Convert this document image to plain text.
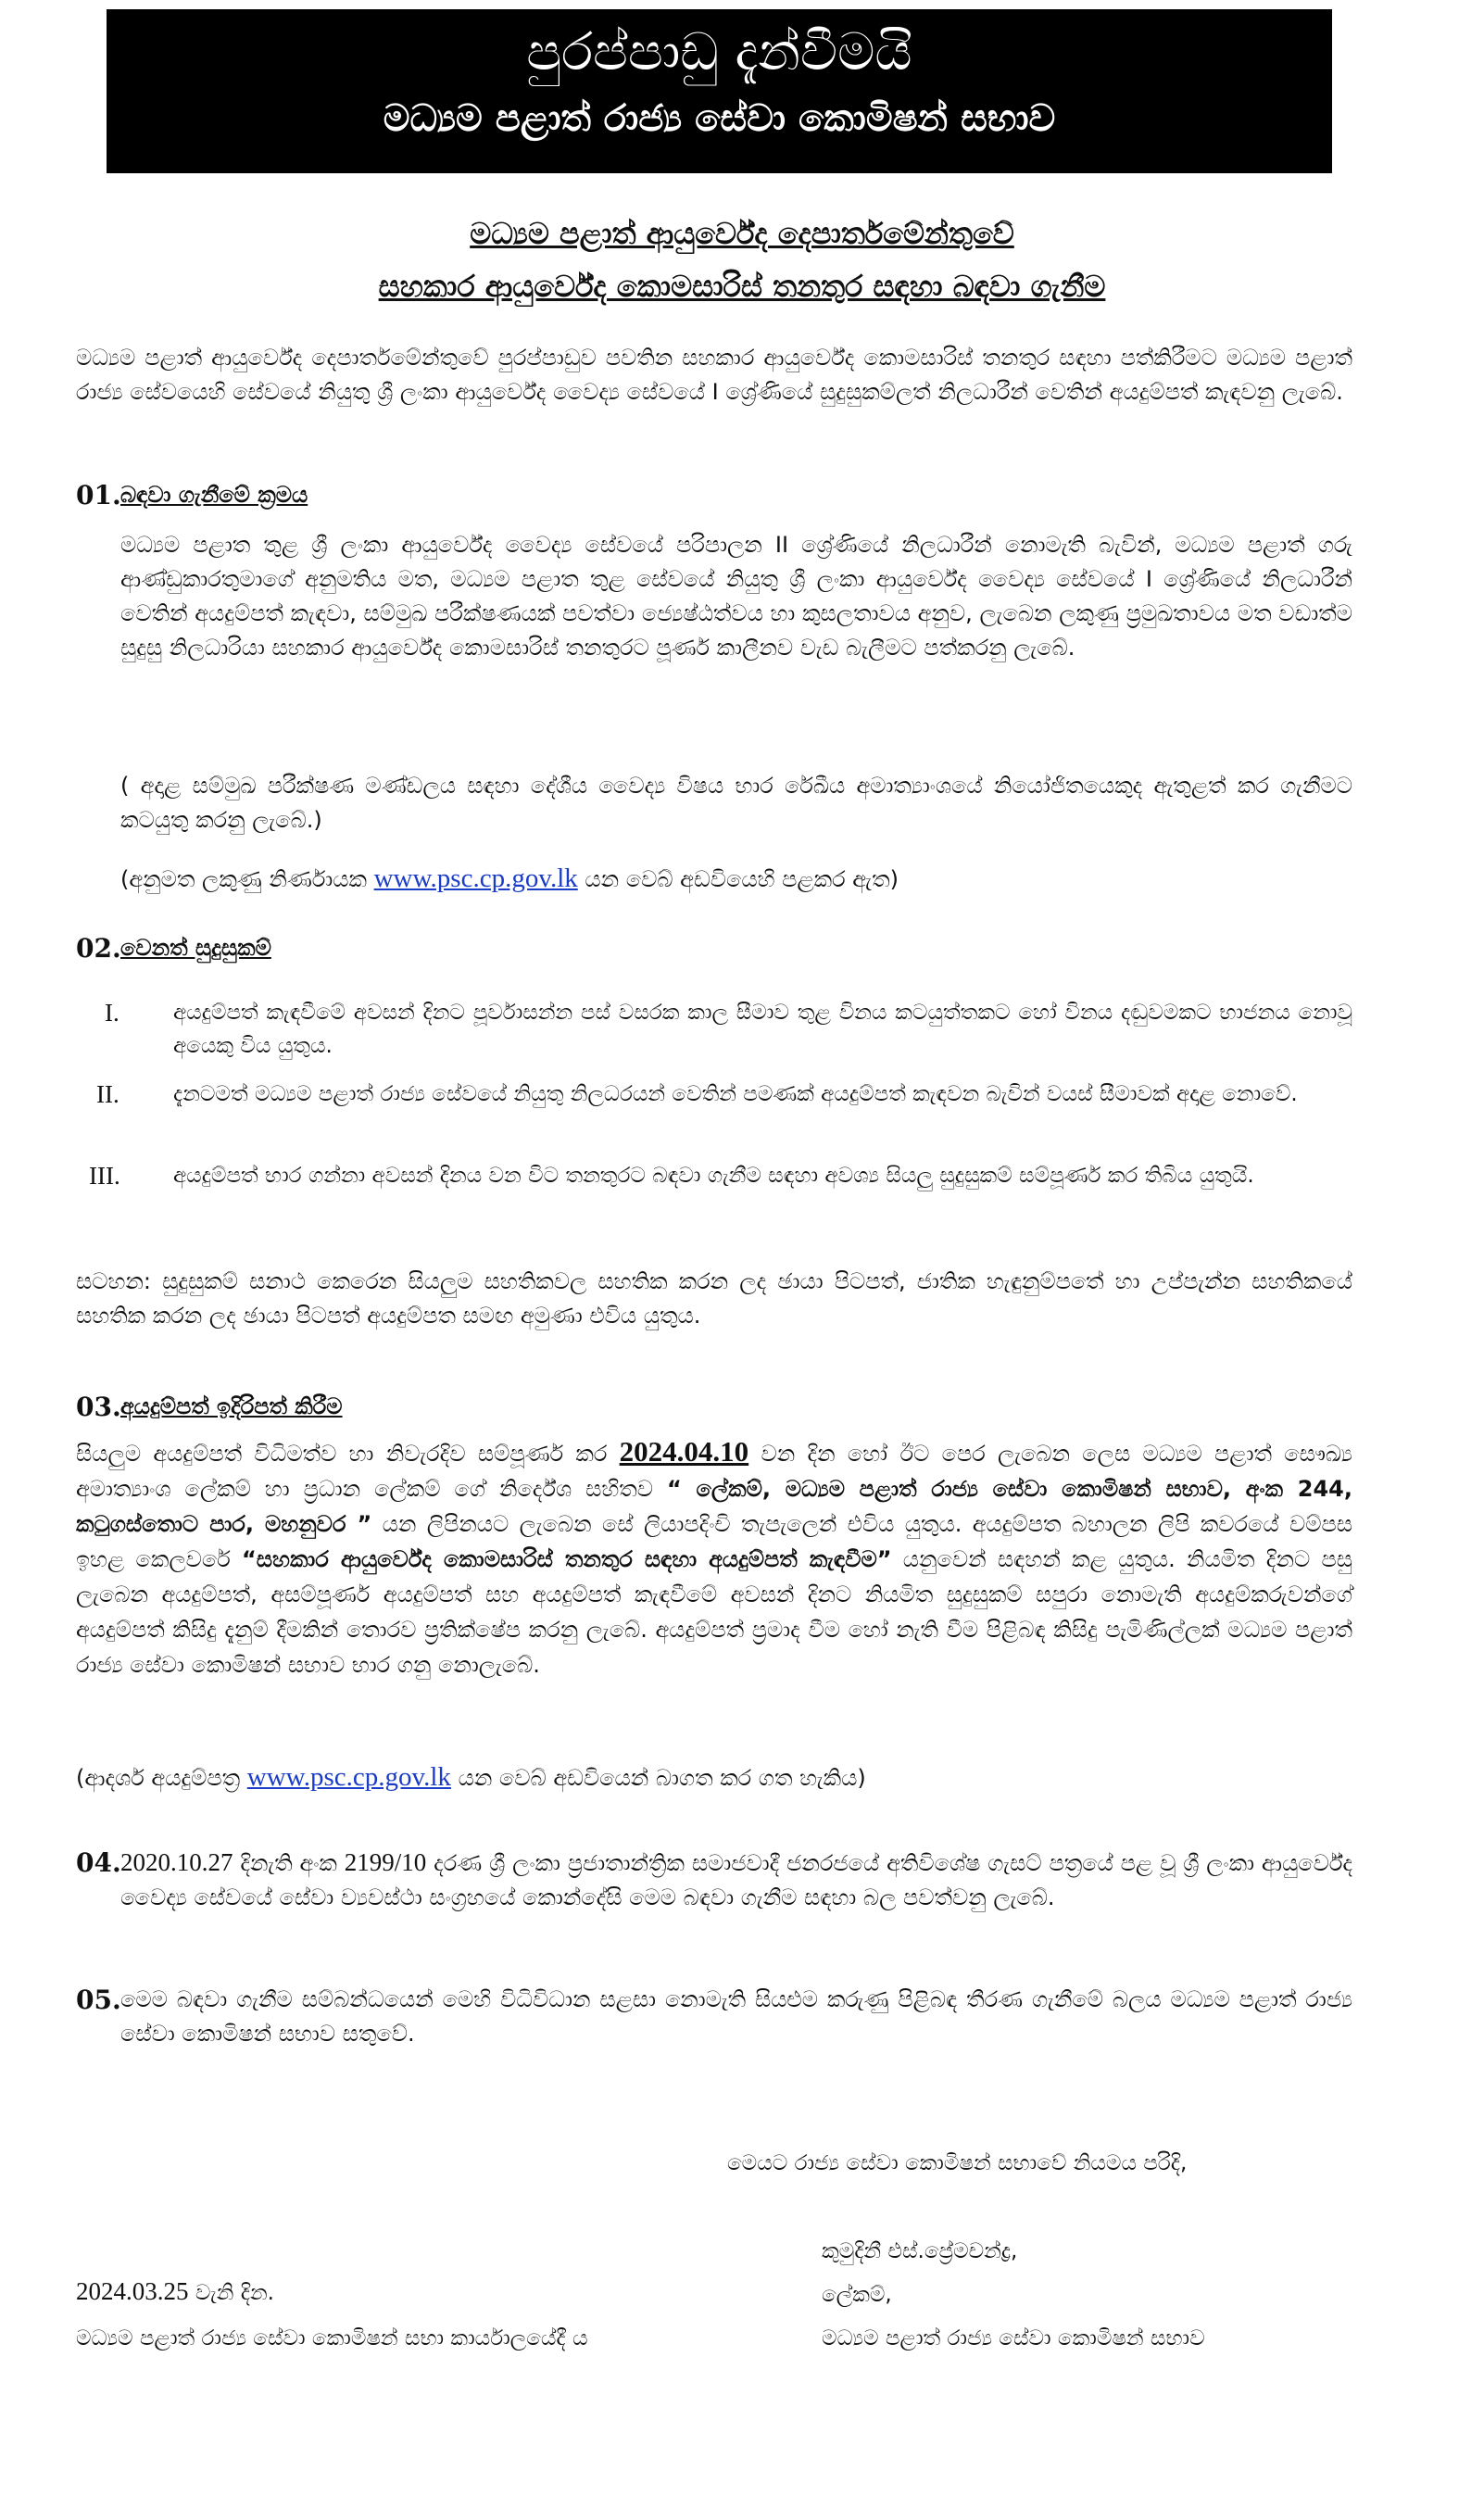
පුරප්පාඩු දැන්වීමයි
මධ්‍යම පළාත් රාජ්‍ය සේවා කොමිෂන් සභාව
මධ්‍යම පළාත් ආයුර්වේද දෙපාර්තමේන්තුවේ
සහකාර ආයුර්වේද කොමසාරිස් තනතුර සඳහා බඳවා ගැනීම

මධ්‍යම පළාත් ආයුර්වේද දෙපාර්තමේන්තුවේ පුරප්පාඩුව පවතින සහකාර ආයුර්වේද කොමසාරිස් තනතුර සඳහා පත්කිරීමට මධ්‍යම පළාත් රාජ්‍ය සේවයෙහි සේවයේ නියුතු ශ්‍රී ලංකා ආයුර්වේද වෛද්‍ය සේවයේ I ශ්‍රේණියේ සුදුසුකම්ලත් නිලධාරීන් වෙතින් අයදුම්පත් කැඳවනු ලැබේ.

01. බඳවා ගැනීමේ ක්‍රමය

මධ්‍යම පළාත තුළ ශ්‍රී ලංකා ආයුර්වේද වෛද්‍ය සේවයේ පරිපාලන II ශ්‍රේණියේ නිලධාරීන් නොමැති බැවින්, මධ්‍යම පළාත් ගරු ආණ්ඩුකාරතුමාගේ අනුමතිය මත, මධ්‍යම පළාත තුළ සේවයේ නියුතු ශ්‍රී ලංකා ආයුර්වේද වෛද්‍ය සේවයේ I ශ්‍රේණියේ නිලධාරීන් වෙතින් අයදුම්පත් කැඳවා, සම්මුඛ පරීක්ෂණයක් පවත්වා ජ්‍යෙෂ්ඨත්වය හා කුසලතාවය අනුව, ලැබෙන ලකුණු ප්‍රමුඛතාවය මත වඩාත්ම සුදුසු නිලධාරියා සහකාර ආයුර්වේද කොමසාරිස් තනතුරට පූර්ණ කාලීනව වැඩ බැලීමට පත්කරනු ලැබේ.

( අදාළ සම්මුඛ පරීක්ෂණ මණ්ඩලය සඳහා දේශීය වෛද්‍ය විෂය භාර රේඛීය අමාත්‍යාංශයේ නියෝජිතයෙකුද ඇතුළත් කර ගැනීමට කටයුතු කරනු ලැබේ.)

(අනුමත ලකුණු නිර්ණායක www.psc.cp.gov.lk යන වෙබ් අඩවියෙහි පළකර ඇත)

02. වෙනත් සුදුසුකම්
I.	අයදුම්පත් කැඳවීමේ අවසන් දිනට පූර්වාසන්න පස් වසරක කාල සීමාව තුළ විනය කටයුත්තකට හෝ විනය දඬුවමකට භාජනය නොවූ අයෙකු විය යුතුය.

II.	දැනටමත් මධ්‍යම පළාත් රාජ්‍ය සේවයේ නියුතු නිලධරයන් වෙතින් පමණක් අයදුම්පත් කැඳවන බැවින් වයස් සීමාවක් අදාළ නොවේ.

III. අයදුම්පත් භාර ගන්නා අවසන් දිනය වන විට තනතුරට බඳවා ගැනීම සඳහා අවශ්‍ය සියලු සුදුසුකම් සම්පූර්ණ කර තිබිය යුතුයි.

සටහන: සුදුසුකම් සනාථ කෙරෙන සියලුම සහතිකවල සහතික කරන ලද ඡායා පිටපත්, ජාතික හැඳුනුම්පතේ හා උප්පැන්න සහතිකයේ සහතික කරන ලද ඡායා පිටපත් අයදුම්පත සමඟ අමුණා එවිය යුතුය.

03. අයදුම්පත් ඉදිරිපත් කිරීම

සියලුම අයදුම්පත් විධිමත්ව හා නිවැරදිව සම්පූර්ණ කර 2024.04.10 වන දින හෝ ඊට පෙර ලැබෙන ලෙස මධ්‍යම පළාත් සෞඛ්‍ය අමාත්‍යාංශ ලේකම් හා ප්‍රධාන ලේකම් ගේ නිර්දේශ සහිතව “ ලේකම්, මධ්‍යම පළාත් රාජ්‍ය සේවා කොමිෂන් සභාව, අංක 244, කටුගස්තොට පාර, මහනුවර ” යන ලිපිනයට ලැබෙන සේ ලියාපදිංචි තැපැලෙන් එවිය යුතුය. අයදුම්පත බහාලන ලිපි කවරයේ වම්පස ඉහළ කෙලවරේ “සහකාර ආයුර්වේද කොමසාරිස් තනතුර සඳහා අයදුම්පත් කැඳවීම” යනුවෙන් සඳහන් කළ යුතුය. නියමිත දිනට පසු ලැබෙන අයදුම්පත්, අසම්පූර්ණ අයදුම්පත් සහ අයදුම්පත් කැඳවීමේ අවසන් දිනට නියමිත සුදුසුකම් සපුරා නොමැති අයදුම්කරුවන්ගේ අයදුම්පත් කිසිදු දැනුම් දීමකින් තොරව ප්‍රතික්ෂේප කරනු ලැබේ. අයදුම්පත් ප්‍රමාද වීම හෝ නැති වීම පිළිබඳ කිසිදු පැමිණිල්ලක් මධ්‍යම පළාත් රාජ්‍ය සේවා කොමිෂන් සභාව භාර ගනු නොලැබේ.

(ආදර්ශ අයදුම්පත්‍ර www.psc.cp.gov.lk යන වෙබ් අඩවියෙන් බාගත කර ගත හැකිය)

04. 2020.10.27 දිනැති අංක 2199/10 දරණ ශ්‍රී ලංකා ප්‍රජාතාන්ත්‍රික සමාජවාදී ජනරජයේ අතිවිශේෂ ගැසට් පත්‍රයේ පළ වූ ශ්‍රී ලංකා ආයුර්වේද වෛද්‍ය සේවයේ සේවා ව්‍යවස්ථා සංග්‍රහයේ කොන්දේසි මෙම බඳවා ගැනීම සඳහා බල පවත්වනු ලැබේ.

05. මෙම බඳවා ගැනීම සම්බන්ධයෙන් මෙහි විධිවිධාන සළසා නොමැති සියළුම කරුණු පිළිබඳ තීරණ ගැනීමේ බලය මධ්‍යම පළාත් රාජ්‍ය සේවා කොමිෂන් සභාව සතුවේ.

මෙයට රාජ්‍ය සේවා කොමිෂන් සභාවේ නියමය පරිදි,
කුමුදිනී එස්.ප්‍රේමචන්ද්‍ර,
ලේකම්,
මධ්‍යම පළාත් රාජ්‍ය සේවා කොමිෂන් සභාව
2024.03.25 වැනි දින.
මධ්‍යම පළාත් රාජ්‍ය සේවා කොමිෂන් සභා කාර්යාලයේදී ය
